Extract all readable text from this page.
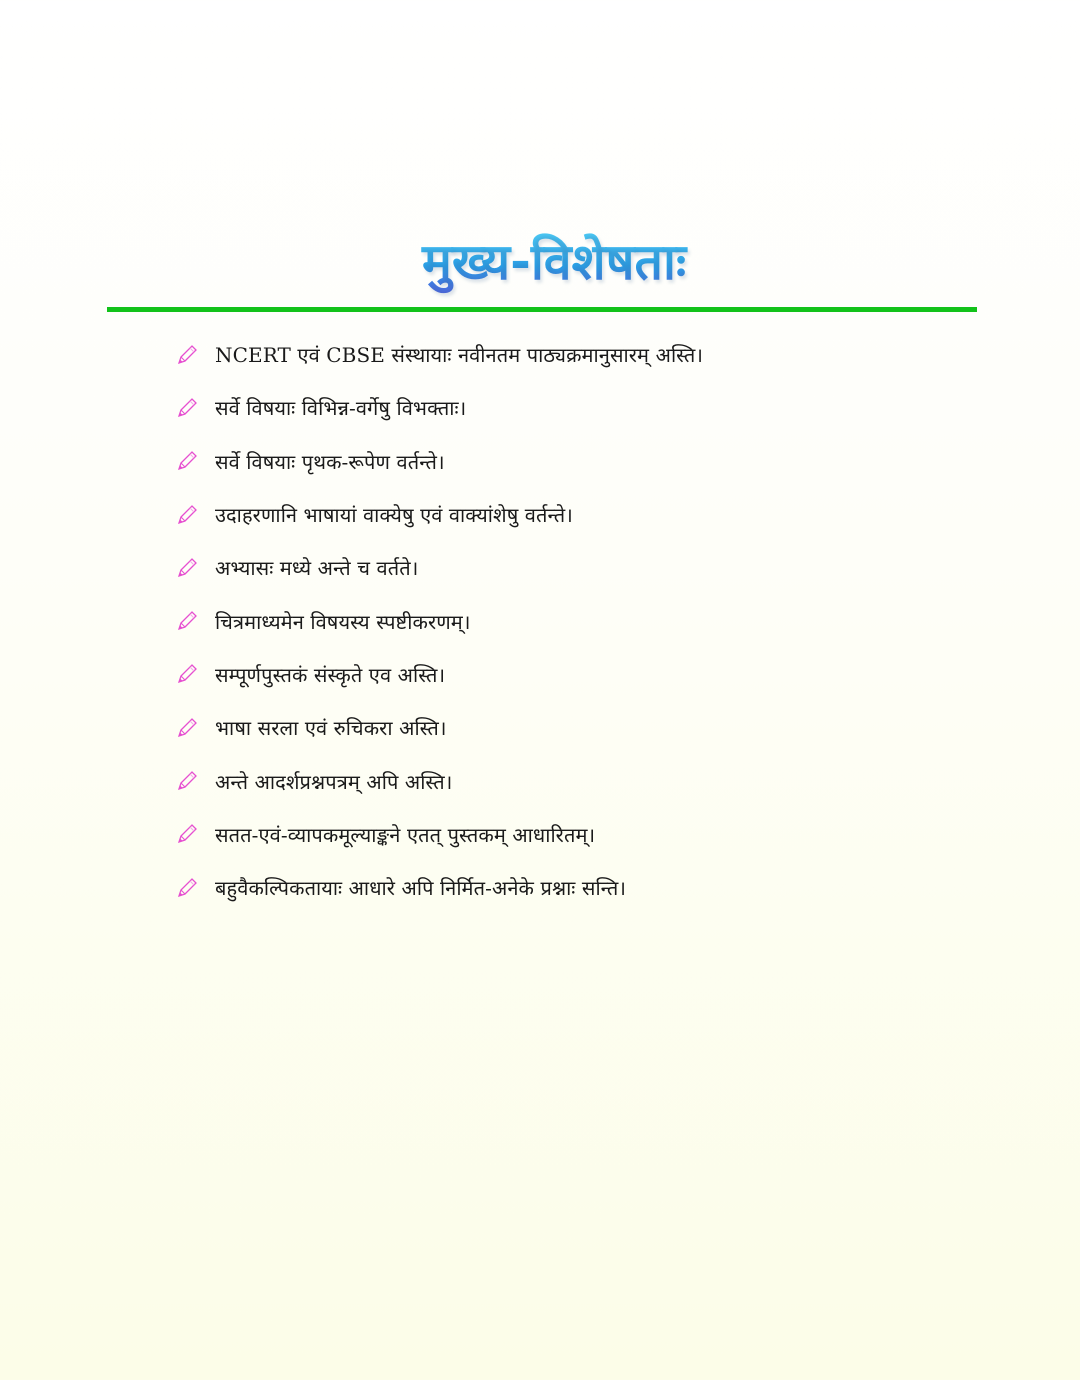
मुख्य-विशेषताः
NCERT एवं CBSE संस्थायाः नवीनतम पाठ्यक्रमानुसारम् अस्ति।
सर्वे विषयाः विभिन्न-वर्गेषु विभक्ताः।
सर्वे विषयाः पृथक-रूपेण वर्तन्ते।
उदाहरणानि भाषायां वाक्येषु एवं वाक्यांशेषु वर्तन्ते।
अभ्यासः मध्ये अन्ते च वर्तते।
चित्रमाध्यमेन विषयस्य स्पष्टीकरणम्।
सम्पूर्णपुस्तकं संस्कृते एव अस्ति।
भाषा सरला एवं रुचिकरा अस्ति।
अन्ते आदर्शप्रश्नपत्रम् अपि अस्ति।
सतत-एवं-व्यापकमूल्याङ्कने एतत् पुस्तकम् आधारितम्।
बहुवैकल्पिकतायाः आधारे अपि निर्मित-अनेके प्रश्नाः सन्ति।
